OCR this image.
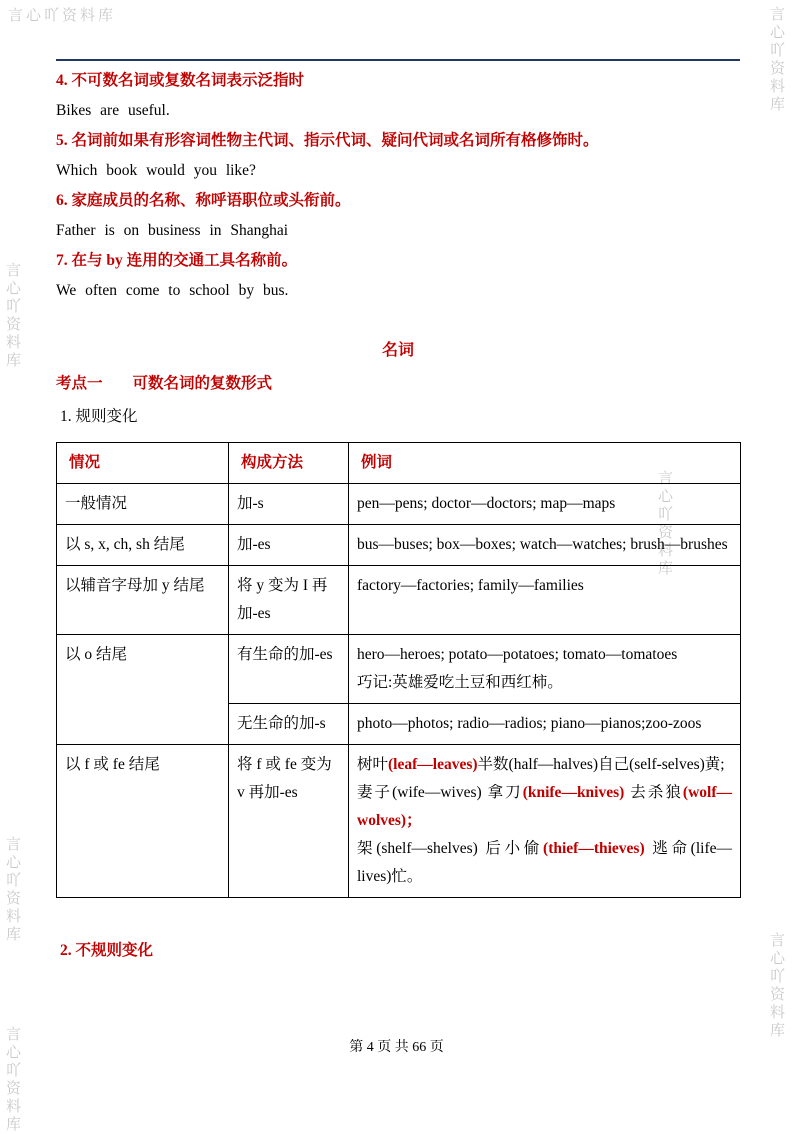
言心吖资料库	言心吖资料库
言心吖资料库
言心吖资料库
言心吖资料库
言心吖资料库
言心吖资料库

4. 不可数名词或复数名词表示泛指时

Bikes are useful.

5. 名词前如果有形容词性物主代词、指示代词、疑问代词或名词所有格修饰时。

Which book would you like?

6. 家庭成员的名称、称呼语职位或头衔前。

Father is on business in Shanghai

7. 在与 by 连用的交通工具名称前。

We often come to school by bus.

名词

考点一 可数名词的复数形式

1. 规则变化

情况	构成方法	例词

一般情况	加-s	pen—pens; doctor—doctors; map—maps

以 s, x, ch, sh 结尾	加-es	bus—buses; box—boxes; watch—watches; brush—brushes

以辅音字母加 y 结尾	将 y 变为 I 再加-es	factory—factories; family—families

以 o 结尾	有生命的加-es	hero—heroes; potato—potatoes; tomato—tomatoes

巧记:英雄爱吃土豆和西红柿。

	无生命的加-s	photo—photos; radio—radios; piano—pianos;zoo-zoos

以 f 或 fe 结尾	将 f 或 fe 变为 v 再加-es	树叶(leaf—leaves)半数(half—halves)自己(self-selves)黄;

妻子(wife—wives) 拿刀(knife—knives) 去杀狼(wolf—wolves)；

架(shelf—shelves) 后小偷(thief—thieves) 逃命(life—lives)忙。

2. 不规则变化

第 4 页 共 66 页
